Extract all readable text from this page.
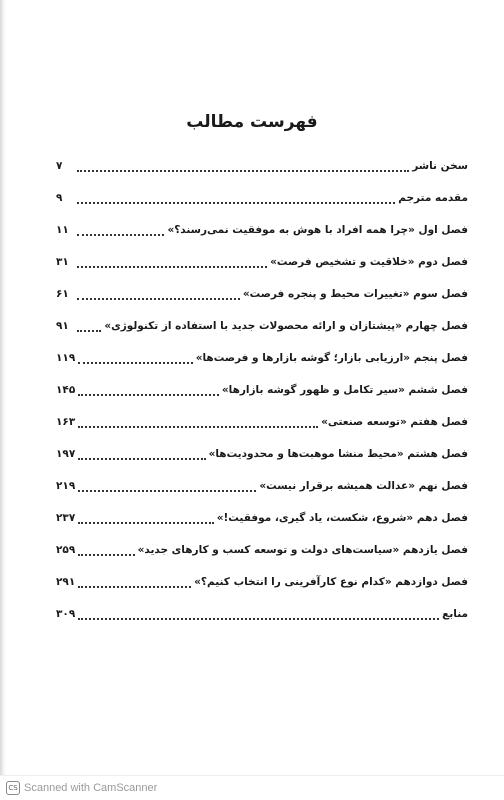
فهرست مطالب
سخن ناشر
۷
مقدمه مترجم
۹
فصل اول «چرا همه افراد با هوش به موفقیت نمی‌رسند؟»
۱۱
فصل دوم «خلاقیت و تشخیص فرصت»
۳۱
فصل سوم «تغییرات محیط و پنجره فرصت»
۶۱
فصل چهارم «پیشتازان و ارائه محصولات جدید با استفاده از تکنولوژی»
۹۱
فصل پنجم «ارزیابی بازار؛ گوشه بازارها و فرصت‌ها»
۱۱۹
فصل ششم «سیر تکامل و ظهور گوشه بازارها»
۱۴۵
فصل هفتم «توسعه صنعتی»
۱۶۳
فصل هشتم «محیط منشا موهبت‌ها و محدودیت‌ها»
۱۹۷
فصل نهم «عدالت همیشه برقرار نیست»
۲۱۹
فصل دهم «شروع، شکست، یاد گیری، موفقیت!»
۲۳۷
فصل یازدهم «سیاست‌های دولت و توسعه کسب و کارهای جدید»
۲۵۹
فصل دوازدهم «کدام نوع کارآفرینی را انتخاب کنیم؟»
۲۹۱
منابع
۳۰۹
CS Scanned with CamScanner
